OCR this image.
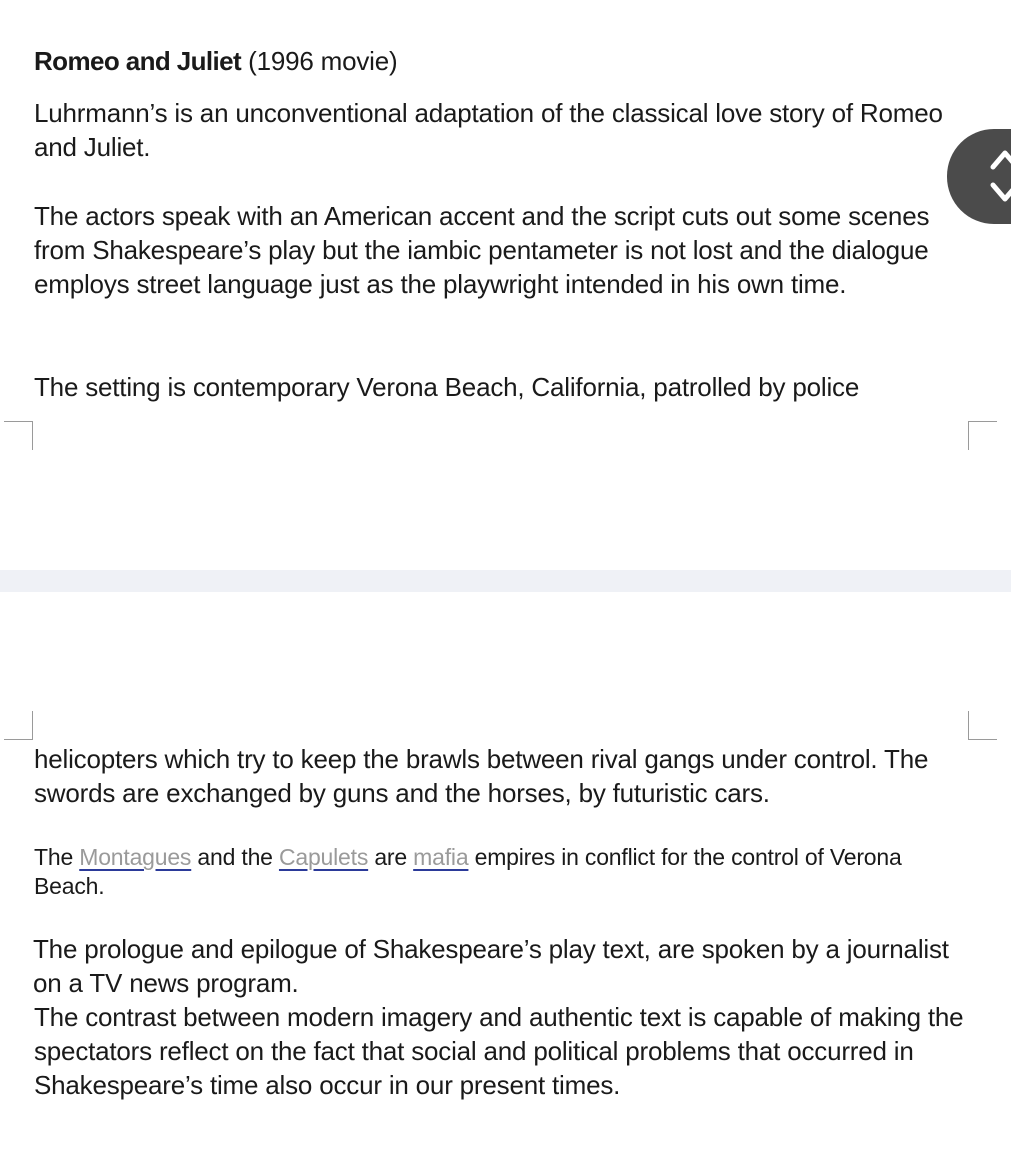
Romeo and Juliet (1996 movie)

Luhrmann’s is an unconventional adaptation of the classical love story of Romeo and Juliet.

The actors speak with an American accent and the script cuts out some scenes from Shakespeare’s play but the iambic pentameter is not lost and the dialogue employs street language just as the playwright intended in his own time.

The setting is contemporary Verona Beach, California, patrolled by police

helicopters which try to keep the brawls between rival gangs under control. The swords are exchanged by guns and the horses, by futuristic cars.

The Montagues and the Capulets are mafia empires in conflict for the control of Verona Beach.

The prologue and epilogue of Shakespeare’s play text, are spoken by a journalist on a TV news program.

The contrast between modern imagery and authentic text is capable of making the spectators reflect on the fact that social and political problems that occurred in Shakespeare’s time also occur in our present times.
